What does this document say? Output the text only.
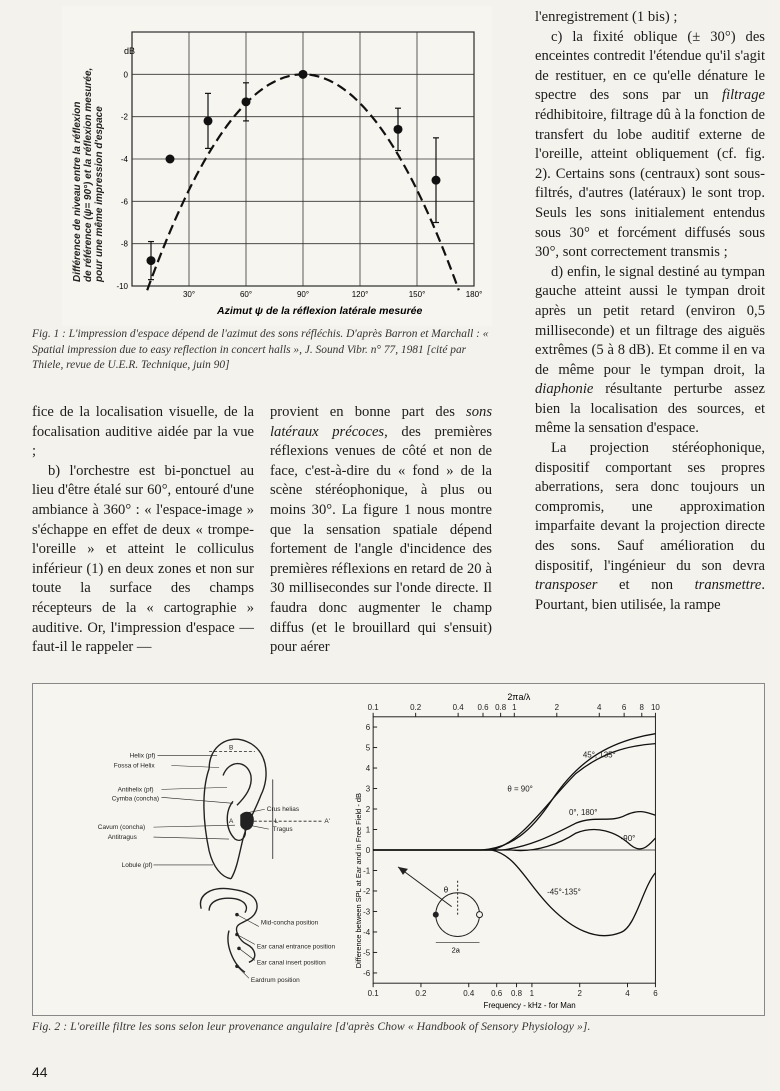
Différence de niveau entre la réflexion de référence (ψ= 90°) et la réflexion mesurée, pour une même impression d'espace
dB
0
-2
-4
-6
-8
-10
30°	60°	90°	120°	150°	180°
Azimut ψ de la réflexion latérale mesurée
Fig. 1 : L'impression d'espace dépend de l'azimut des sons réfléchis. D'après Barron et Marchall : « Spatial impression due to easy reflection in concert halls », J. Sound Vibr. n° 77, 1981 [cité par Thiele, revue de U.E.R. Technique, juin 90]

fice de la localisation visuelle, de la focalisation auditive aidée par la vue ;

b) l'orchestre est bi-ponctuel au lieu d'être étalé sur 60°, entouré d'une ambiance à 360° : « l'espace-image » s'échappe en effet de deux « trompe-l'oreille » et atteint le colliculus inférieur (1) en deux zones et non sur toute la surface des champs récepteurs de la « cartographie » auditive. Or, l'impression d'espace — faut-il le rappeler —

provient en bonne part des sons latéraux précoces, des premières réflexions venues de côté et non de face, c'est-à-dire du « fond » de la scène stéréophonique, à plus ou moins 30°. La figure 1 nous montre que la sensation spatiale dépend fortement de l'angle d'incidence des premières réflexions en retard de 20 à 30 millisecondes sur l'onde directe. Il faudra donc augmenter le champ diffus (et le brouillard qui s'ensuit) pour aérer

l'enregistrement (1 bis) ;

c) la fixité oblique (± 30°) des enceintes contredit l'étendue qu'il s'agit de restituer, en ce qu'elle dénature le spectre des sons par un filtrage rédhibitoire, filtrage dû à la fonction de transfert du lobe auditif externe de l'oreille, atteint obliquement (cf. fig. 2). Certains sons (centraux) sont sous-filtrés, d'autres (latéraux) le sont trop. Seuls les sons initialement entendus sous 30° et forcément diffusés sous 30°, sont correctement transmis ;

d) enfin, le signal destiné au tympan gauche atteint aussi le tympan droit après un petit retard (environ 0,5 milliseconde) et un filtrage des aiguës extrêmes (5 à 8 dB). Et comme il en va de même pour le tympan droit, la diaphonie résultante perturbe assez bien la localisation des sources, et même la sensation d'espace.

La projection stéréophonique, dispositif comportant ses propres aberrations, sera donc toujours un compromis, une approximation imparfaite devant la projection directe des sons. Sauf amélioration du dispositif, l'ingénieur du son devra transposer et non transmettre. Pourtant, bien utilisée, la rampe

Helix (pf)
Fossa of Helix
Antihelix (pf)
Cymba (concha)
Crus helias
Tragus
Cavum (concha)
Antitragus
Lobule (pf)
Mid-concha position
Ear canal entrance position
Ear canal insert position
Eardrum position
A'
A
B
L
2πa/λ
0.1	0.2	0.4 0.6 0.8 1	2	4	6 8 10
0.1	0.2	0.4 0.6 0.8 1	2	4	6
6
5
4
3
2
1
0
-1
-2
-3
-4
-5
-6
Difference between SPL at Ear and in Free Field - dB
Frequency - kHz - for Man
θ = 90°
45°, 135°
0°, 180°
-90°
-45°-135°
θ
2a
Fig. 2 : L'oreille filtre les sons selon leur provenance angulaire [d'après Chow « Handbook of Sensory Physiology »].
44
